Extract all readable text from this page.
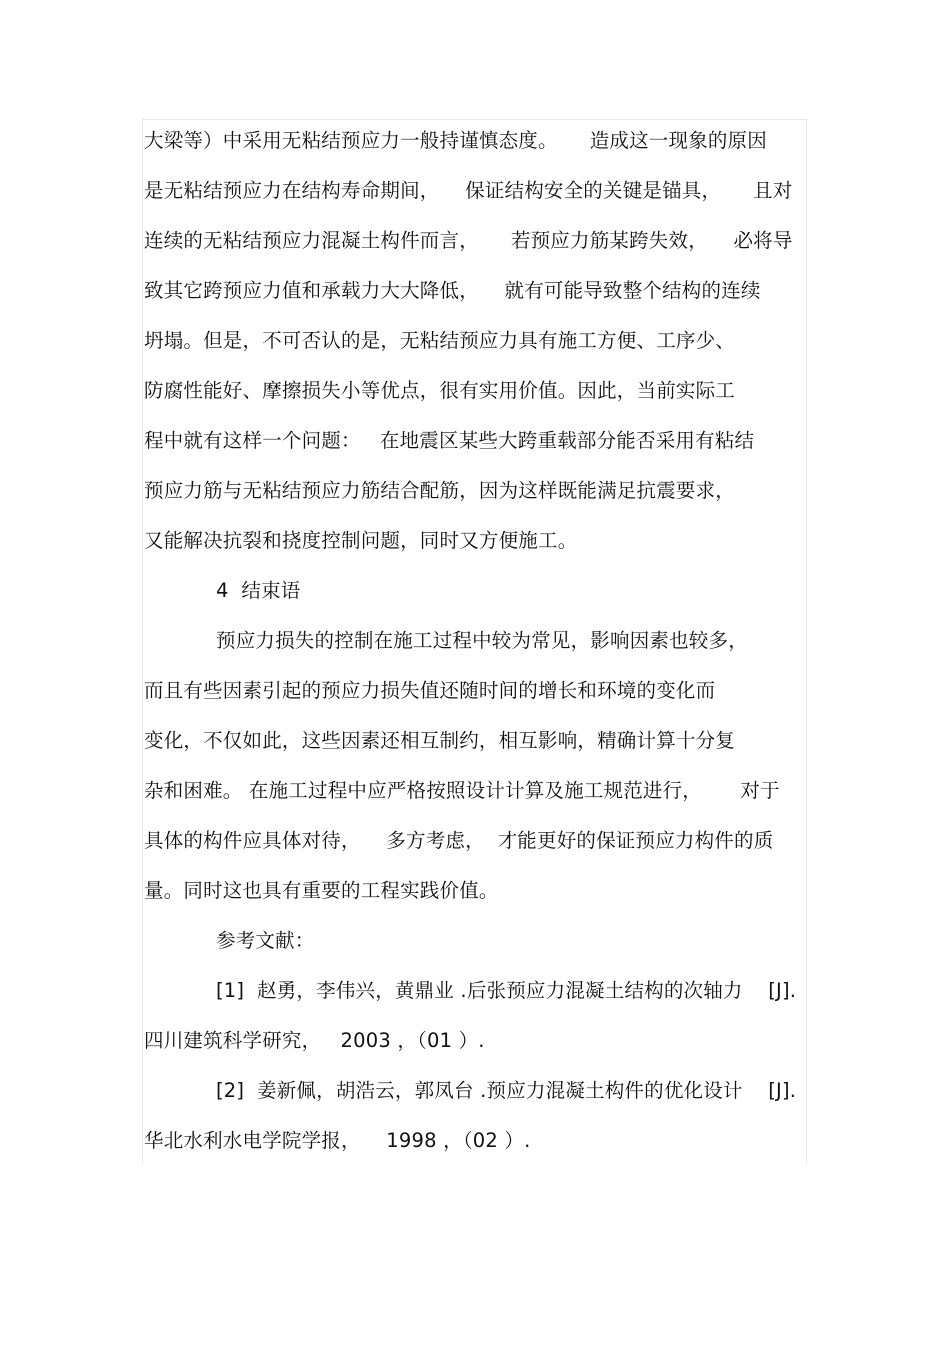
大梁等）中采用无粘结预应力一般持谨慎态度。     造成这一现象的原因
是无粘结预应力在结构寿命期间，    保证结构安全的关键是锚具，     且对
连续的无粘结预应力混凝土构件而言，     若预应力筋某跨失效，    必将导
致其它跨预应力值和承载力大大降低，    就有可能导致整个结构的连续
坍塌。但是，不可否认的是，无粘结预应力具有施工方便、工序少、
防腐性能好、摩擦损失小等优点，很有实用价值。因此，当前实际工
程中就有这样一个问题：   在地震区某些大跨重载部分能否采用有粘结
预应力筋与无粘结预应力筋结合配筋，因为这样既能满足抗震要求，
又能解决抗裂和挠度控制问题，同时又方便施工。
4  结束语
预应力损失的控制在施工过程中较为常见，影响因素也较多，
而且有些因素引起的预应力损失值还随时间的增长和环境的变化而
变化，不仅如此，这些因素还相互制约，相互影响，精确计算十分复
杂和困难。 在施工过程中应严格按照设计计算及施工规范进行，      对于
具体的构件应具体对待，    多方考虑，  才能更好的保证预应力构件的质
量。同时这也具有重要的工程实践价值。
参考文献：
[1]  赵勇，李伟兴，黄鼎业 .后张预应力混凝土结构的次轴力    [J].
四川建筑科学研究，   2003 ，（01 ）.
[2]  姜新佩，胡浩云，郭凤台 .预应力混凝土构件的优化设计    [J].
华北水利水电学院学报，    1998 ，（02 ）.
